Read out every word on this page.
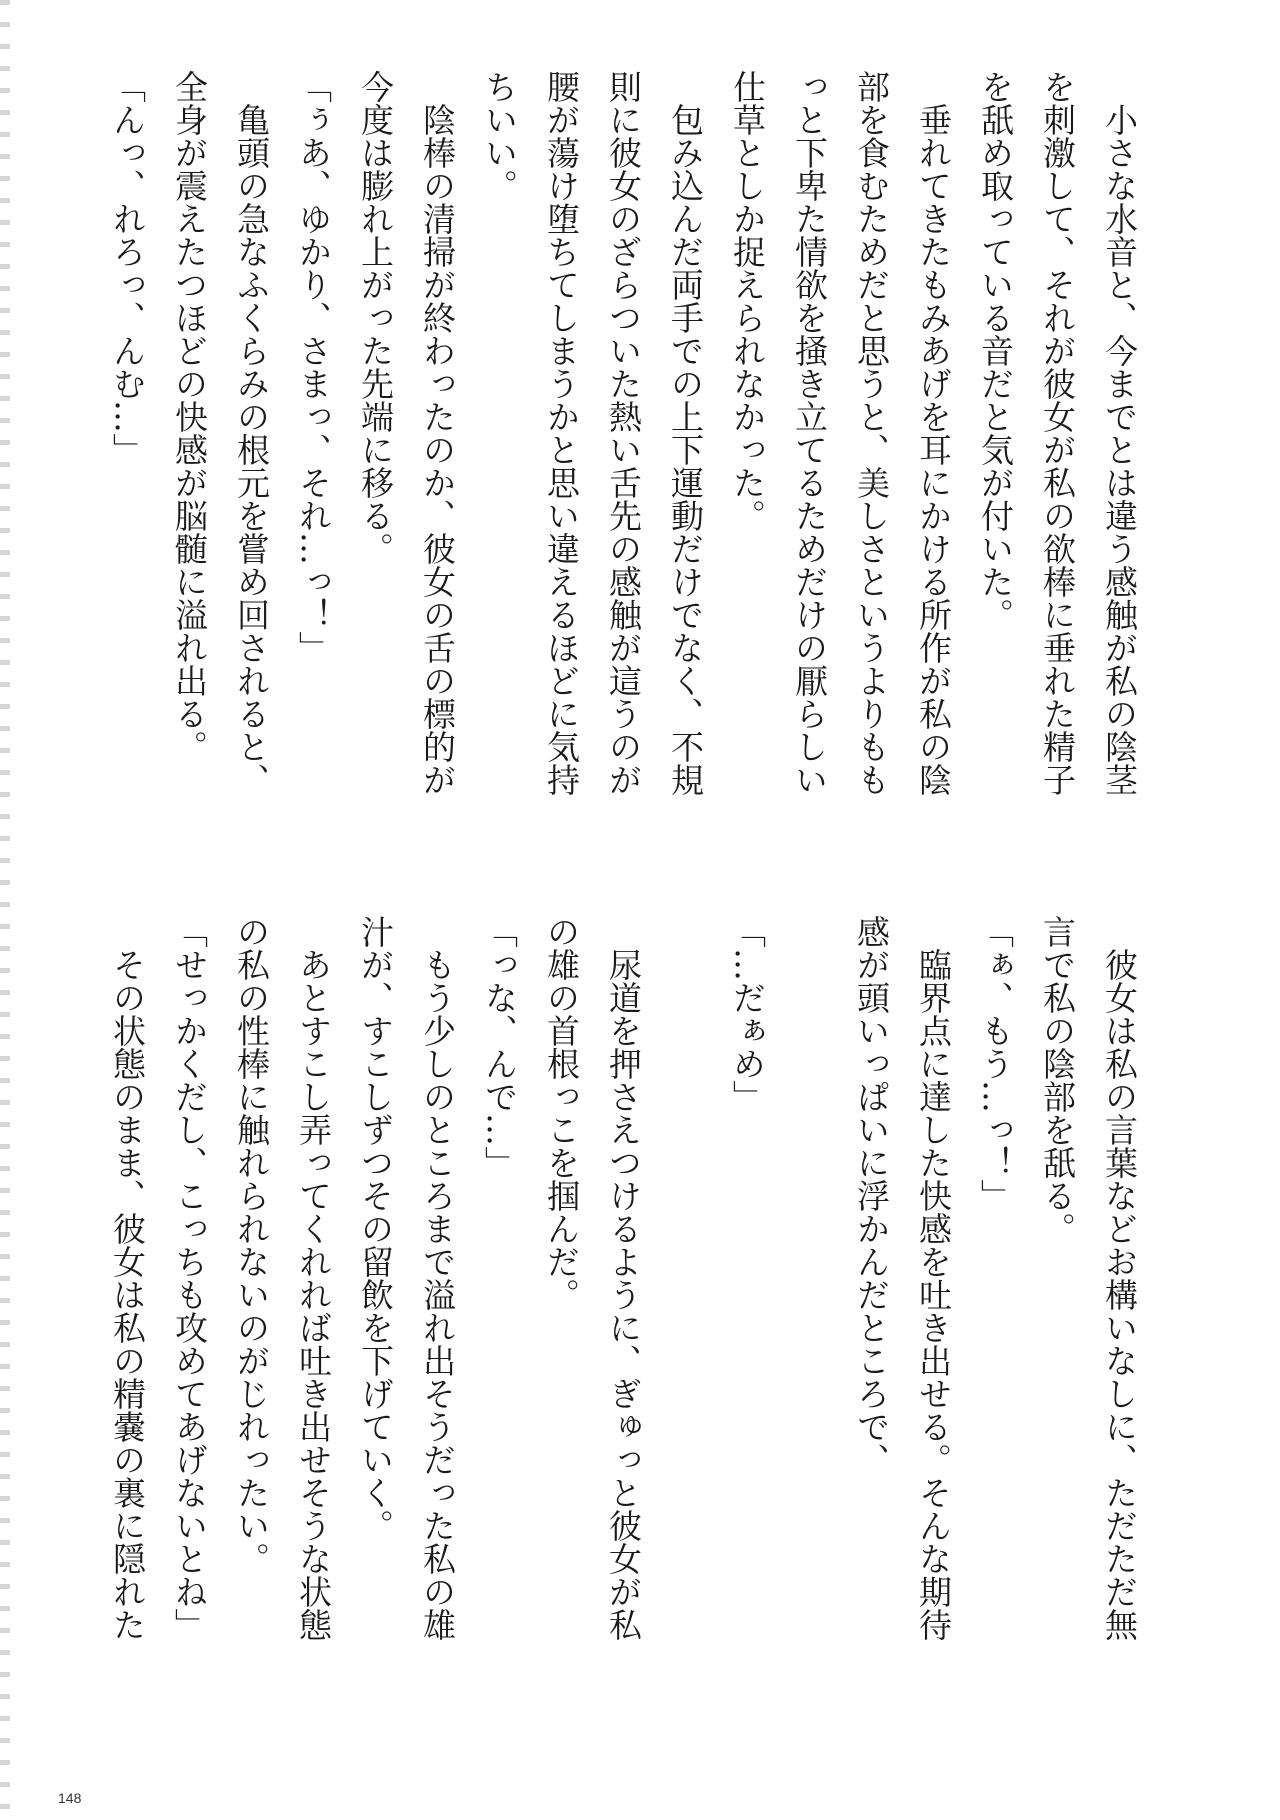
　小さな水音と、今までとは違う感触が私の陰茎
を刺激して、それが彼女が私の欲棒に垂れた精子
を舐め取っている音だと気が付いた。
　垂れてきたもみあげを耳にかける所作が私の陰
部を食むためだと思うと、美しさというよりもも
っと下卑た情欲を掻き立てるためだけの厭らしい
仕草としか捉えられなかった。
　包み込んだ両手での上下運動だけでなく、不規
則に彼女のざらついた熱い舌先の感触が這うのが
腰が蕩け堕ちてしまうかと思い違えるほどに気持
ちいい。
　陰棒の清掃が終わったのか、彼女の舌の標的が
今度は膨れ上がった先端に移る。
「ぅあ、ゆかり、さまっ、それ…っ！」
　亀頭の急なふくらみの根元を嘗め回されると、
全身が震えたつほどの快感が脳髄に溢れ出る。
「んっ、れろっ、んむ…」
　彼女は私の言葉などお構いなしに、ただただ無
言で私の陰部を舐る。
「ぁ、もう…っ！」
　臨界点に達した快感を吐き出せる。そんな期待
感が頭いっぱいに浮かんだところで、

「…だぁめ」

　尿道を押さえつけるように、ぎゅっと彼女が私
の雄の首根っこを掴んだ。
「っな、んで…」
　もう少しのところまで溢れ出そうだった私の雄
汁が、すこしずつその留飲を下げていく。
　あとすこし弄ってくれれば吐き出せそうな状態
の私の性棒に触れられないのがじれったい。
「せっかくだし、こっちも攻めてあげないとね」
　その状態のまま、彼女は私の精嚢の裏に隠れた
148
